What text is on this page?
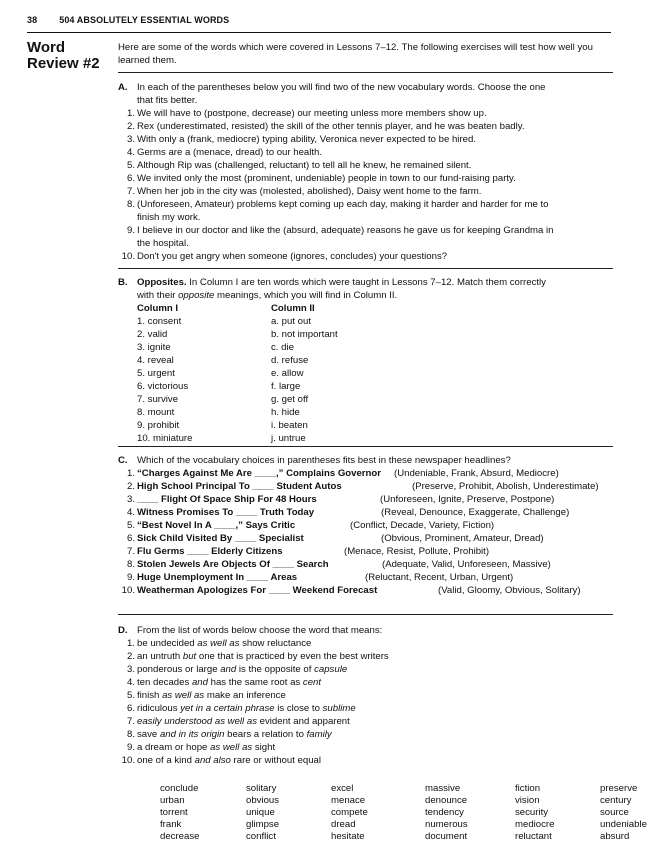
38 504 ABSOLUTELY ESSENTIAL WORDS
Word
Review #2
Here are some of the words which were covered in Lessons 7–12. The following exercises will test how well you learned them.
A. In each of the parentheses below you will find two of the new vocabulary words. Choose the one
that fits better.
1. We will have to (postpone, decrease) our meeting unless more members show up.
2. Rex (underestimated, resisted) the skill of the other tennis player, and he was beaten badly.
3. With only a (frank, mediocre) typing ability, Veronica never expected to be hired.
4. Germs are a (menace, dread) to our health.
5. Although Rip was (challenged, reluctant) to tell all he knew, he remained silent.
6. We invited only the most (prominent, undeniable) people in town to our fund-raising party.
7. When her job in the city was (molested, abolished), Daisy went home to the farm.
8. (Unforeseen, Amateur) problems kept coming up each day, making it harder and harder for me to
finish my work.
9. I believe in our doctor and like the (absurd, adequate) reasons he gave us for keeping Grandma in
the hospital.
10. Don't you get angry when someone (ignores, concludes) your questions?
B. Opposites. In Column I are ten words which were taught in Lessons 7–12. Match them correctly
with their opposite meanings, which you will find in Column II.
Column I	Column II
1. consent	a. put out
2. valid	b. not important
3. ignite	c. die
4. reveal	d. refuse
5. urgent	e. allow
6. victorious	f. large
7. survive	g. get off
8. mount	h. hide
9. prohibit	i. beaten
10. miniature	j. untrue
C. Which of the vocabulary choices in parentheses fits best in these newspaper headlines?
1. “Charges Against Me Are ____,” Complains Governor (Undeniable, Frank, Absurd, Mediocre)
2. High School Principal To ____ Student Autos	(Preserve, Prohibit, Abolish, Underestimate)
3. ____ Flight Of Space Ship For 48 Hours	(Unforeseen, Ignite, Preserve, Postpone)
4. Witness Promises To ____ Truth Today	(Reveal, Denounce, Exaggerate, Challenge)
5. “Best Novel In A ____,” Says Critic	(Conflict, Decade, Variety, Fiction)
6. Sick Child Visited By ____ Specialist	(Obvious, Prominent, Amateur, Dread)
7. Flu Germs ____ Elderly Citizens	(Menace, Resist, Pollute, Prohibit)
8. Stolen Jewels Are Objects Of ____ Search	(Adequate, Valid, Unforeseen, Massive)
9. Huge Unemployment In ____ Areas	(Reluctant, Recent, Urban, Urgent)
10. Weatherman Apologizes For ____ Weekend Forecast	(Valid, Gloomy, Obvious, Solitary)
D. From the list of words below choose the word that means:
1. be undecided as well as show reluctance
2. an untruth but one that is practiced by even the best writers
3. ponderous or large and is the opposite of capsule
4. ten decades and has the same root as cent
5. finish as well as make an inference
6. ridiculous yet in a certain phrase is close to sublime
7. easily understood as well as evident and apparent
8. save and in its origin bears a relation to family
9. a dream or hope as well as sight
10. one of a kind and also rare or without equal
conclude	solitary	excel	massive	fiction	preserve
urban	obvious	menace	denounce	vision	century
torrent	unique	compete	tendency	security	source
frank	glimpse	dread	numerous	mediocre	undeniable
decrease	conflict	hesitate	document	reluctant	absurd
